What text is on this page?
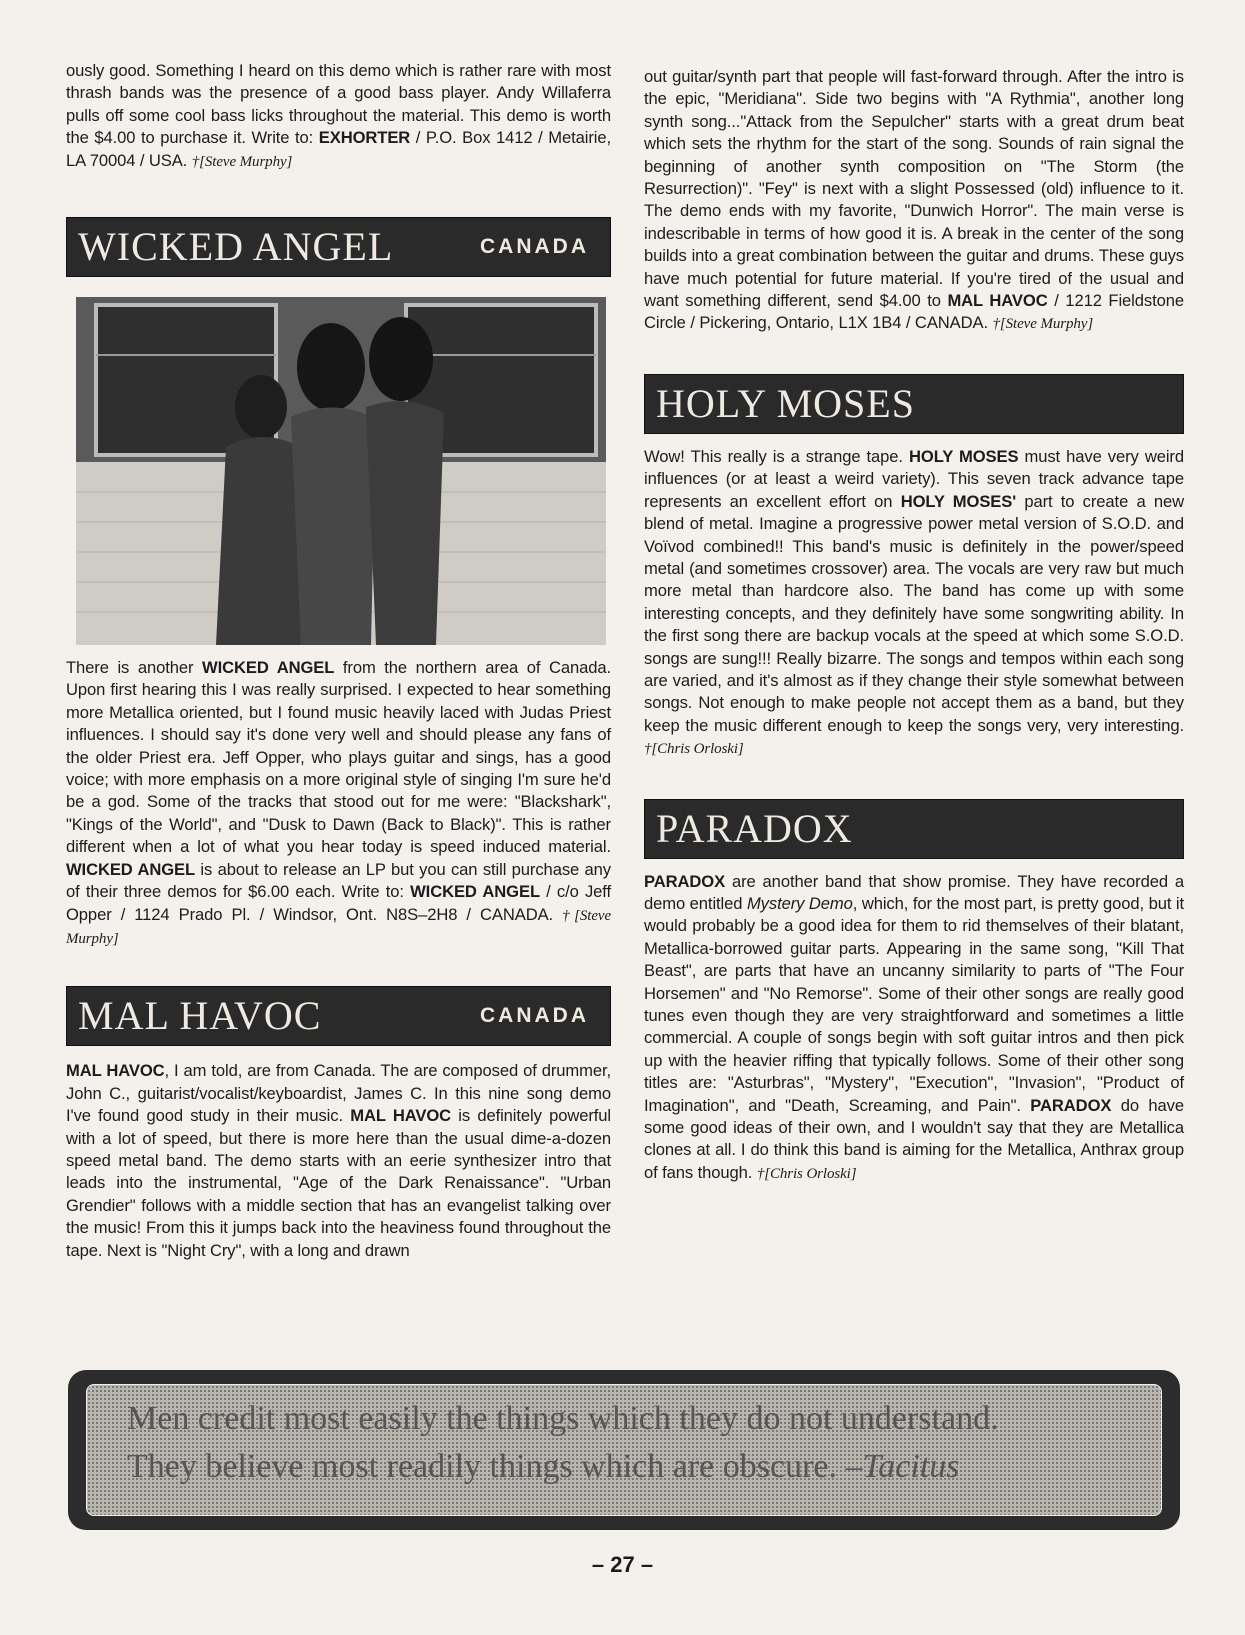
ously good. Something I heard on this demo which is rather rare with most thrash bands was the presence of a good bass player. Andy Willaferra pulls off some cool bass licks throughout the material. This demo is worth the $4.00 to purchase it. Write to: EXHORTER / P.O. Box 1412 / Metairie, LA 70004 / USA. †[Steve Murphy]

WICKED ANGEL	CANADA

There is another WICKED ANGEL from the northern area of Canada. Upon first hearing this I was really surprised. I expected to hear something more Metallica oriented, but I found music heavily laced with Judas Priest influences. I should say it's done very well and should please any fans of the older Priest era. Jeff Opper, who plays guitar and sings, has a good voice; with more emphasis on a more original style of singing I'm sure he'd be a god. Some of the tracks that stood out for me were: "Blackshark", "Kings of the World", and "Dusk to Dawn (Back to Black)". This is rather different when a lot of what you hear today is speed induced material. WICKED ANGEL is about to release an LP but you can still purchase any of their three demos for $6.00 each. Write to: WICKED ANGEL / c/o Jeff Opper / 1124 Prado Pl. / Windsor, Ont. N8S–2H8 / CANADA. †[Steve Murphy]

MAL HAVOC	CANADA

MAL HAVOC, I am told, are from Canada. The are composed of drummer, John C., guitarist/vocalist/keyboardist, James C. In this nine song demo I've found good study in their music. MAL HAVOC is definitely powerful with a lot of speed, but there is more here than the usual dime-a-dozen speed metal band. The demo starts with an eerie synthesizer intro that leads into the instrumental, "Age of the Dark Renaissance". "Urban Grendier" follows with a middle section that has an evangelist talking over the music! From this it jumps back into the heaviness found throughout the tape. Next is "Night Cry", with a long and drawn

out guitar/synth part that people will fast-forward through. After the intro is the epic, "Meridiana". Side two begins with "A Rythmia", another long synth song..."Attack from the Sepulcher" starts with a great drum beat which sets the rhythm for the start of the song. Sounds of rain signal the beginning of another synth composition on "The Storm (the Resurrection)". "Fey" is next with a slight Possessed (old) influence to it. The demo ends with my favorite, "Dunwich Horror". The main verse is indescribable in terms of how good it is. A break in the center of the song builds into a great combination between the guitar and drums. These guys have much potential for future material. If you're tired of the usual and want something different, send $4.00 to MAL HAVOC / 1212 Fieldstone Circle / Pickering, Ontario, L1X 1B4 / CANADA. †[Steve Murphy]

HOLY MOSES

Wow! This really is a strange tape. HOLY MOSES must have very weird influences (or at least a weird variety). This seven track advance tape represents an excellent effort on HOLY MOSES' part to create a new blend of metal. Imagine a progressive power metal version of S.O.D. and Voïvod combined!! This band's music is definitely in the power/speed metal (and sometimes crossover) area. The vocals are very raw but much more metal than hardcore also. The band has come up with some interesting concepts, and they definitely have some songwriting ability. In the first song there are backup vocals at the speed at which some S.O.D. songs are sung!!! Really bizarre. The songs and tempos within each song are varied, and it's almost as if they change their style somewhat between songs. Not enough to make people not accept them as a band, but they keep the music different enough to keep the songs very, very interesting. †[Chris Orloski]

PARADOX

PARADOX are another band that show promise. They have recorded a demo entitled Mystery Demo, which, for the most part, is pretty good, but it would probably be a good idea for them to rid themselves of their blatant, Metallica-borrowed guitar parts. Appearing in the same song, "Kill That Beast", are parts that have an uncanny similarity to parts of "The Four Horsemen" and "No Remorse". Some of their other songs are really good tunes even though they are very straightforward and sometimes a little commercial. A couple of songs begin with soft guitar intros and then pick up with the heavier riffing that typically follows. Some of their other song titles are: "Asturbras", "Mystery", "Execution", "Invasion", "Product of Imagination", and "Death, Screaming, and Pain". PARADOX do have some good ideas of their own, and I wouldn't say that they are Metallica clones at all. I do think this band is aiming for the Metallica, Anthrax group of fans though. †[Chris Orloski]

Men credit most easily the things which they do not understand.
They believe most readily things which are obscure. –Tacitus
– 27 –
